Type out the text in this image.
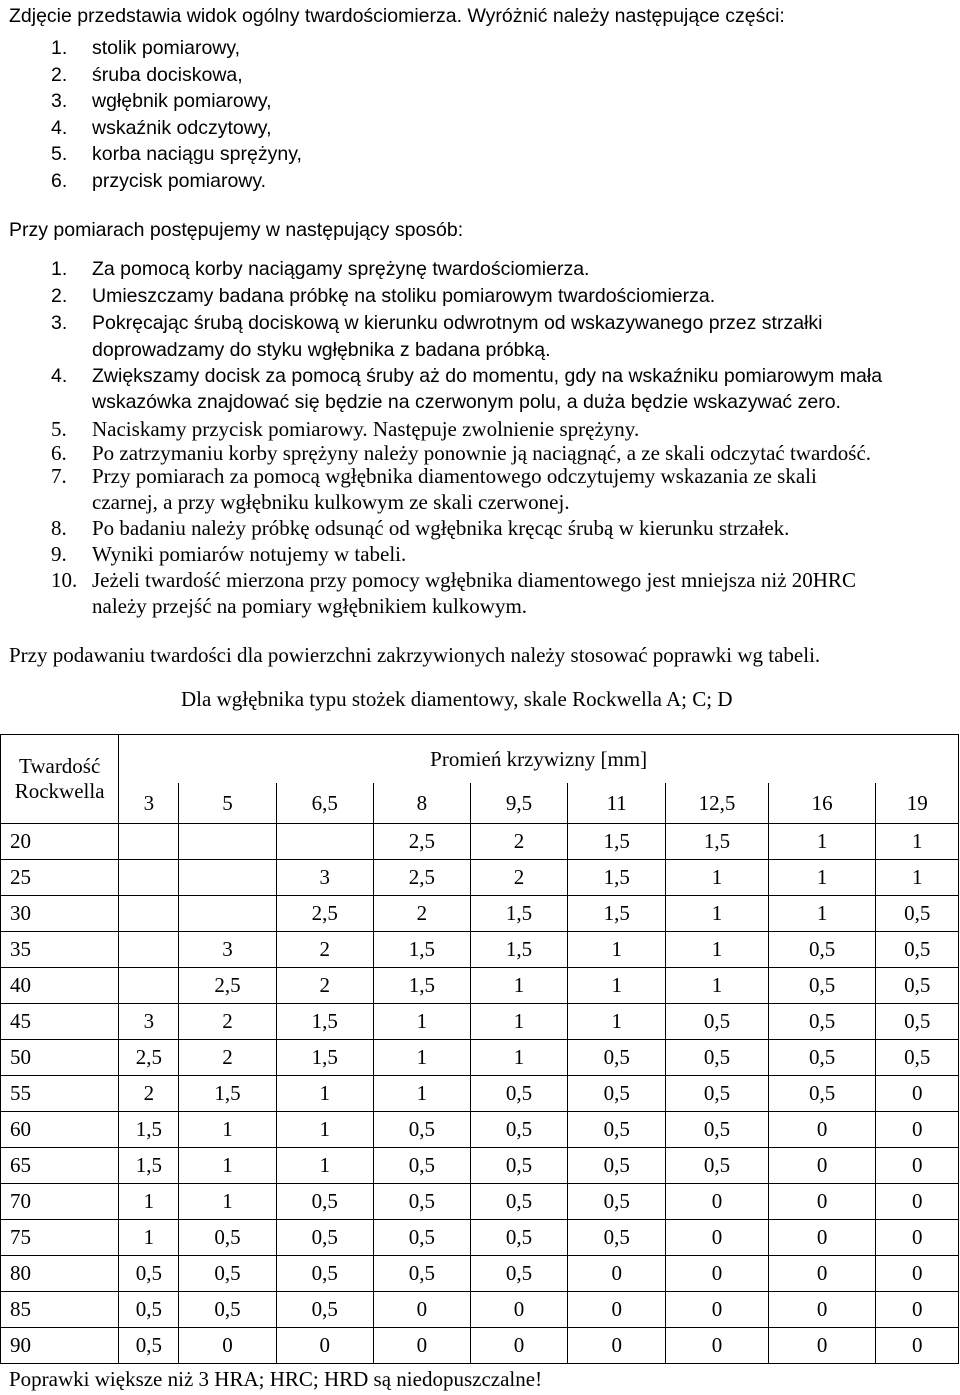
Zdjęcie przedstawia widok ogólny twardościomierza. Wyróżnić należy następujące części:
1. stolik pomiarowy,
2. śruba dociskowa,
3. wgłębnik pomiarowy,
4. wskaźnik odczytowy,
5. korba naciągu sprężyny,
6. przycisk pomiarowy.
Przy pomiarach postępujemy w następujący sposób:
1. Za pomocą korby naciągamy sprężynę twardościomierza.
2. Umieszczamy badana próbkę na stoliku pomiarowym twardościomierza.
3. Pokręcając śrubą dociskową w kierunku odwrotnym od wskazywanego przez strzałki
doprowadzamy do styku wgłębnika z badana próbką.
4. Zwiększamy docisk za pomocą śruby aż do momentu, gdy na wskaźniku pomiarowym mała
wskazówka znajdować się będzie na czerwonym polu, a duża będzie wskazywać zero.
5. Naciskamy przycisk pomiarowy. Następuje zwolnienie sprężyny.
6. Po zatrzymaniu korby sprężyny należy ponownie ją naciągnąć, a ze skali odczytać twardość.
7. Przy pomiarach za pomocą wgłębnika diamentowego odczytujemy wskazania ze skali
czarnej, a przy wgłębniku kulkowym ze skali czerwonej.
8. Po badaniu należy próbkę odsunąć od wgłębnika kręcąc śrubą w kierunku strzałek.
9. Wyniki pomiarów notujemy w tabeli.
10. Jeżeli twardość mierzona przy pomocy wgłębnika diamentowego jest mniejsza niż 20HRC
należy przejść na pomiary wgłębnikiem kulkowym.
Przy podawaniu twardości dla powierzchni zakrzywionych należy stosować poprawki wg tabeli.
Dla wgłębnika typu stożek diamentowy, skale Rockwella A; C; D
Twardość
Rockwella	Promień krzywizny [mm]								
	3	5	6,5	8	9,5	11	12,5	16	19
20				2,5	2	1,5	1,5	1	1
25			3	2,5	2	1,5	1	1	1
30			2,5	2	1,5	1,5	1	1	0,5
35		3	2	1,5	1,5	1	1	0,5	0,5
40		2,5	2	1,5	1	1	1	0,5	0,5
45	3	2	1,5	1	1	1	0,5	0,5	0,5
50	2,5	2	1,5	1	1	0,5	0,5	0,5	0,5
55	2	1,5	1	1	0,5	0,5	0,5	0,5	0
60	1,5	1	1	0,5	0,5	0,5	0,5	0	0
65	1,5	1	1	0,5	0,5	0,5	0,5	0	0
70	1	1	0,5	0,5	0,5	0,5	0	0	0
75	1	0,5	0,5	0,5	0,5	0,5	0	0	0
80	0,5	0,5	0,5	0,5	0,5	0	0	0	0
85	0,5	0,5	0,5	0	0	0	0	0	0
90	0,5	0	0	0	0	0	0	0	0
Poprawki większe niż 3 HRA; HRC; HRD są niedopuszczalne!
